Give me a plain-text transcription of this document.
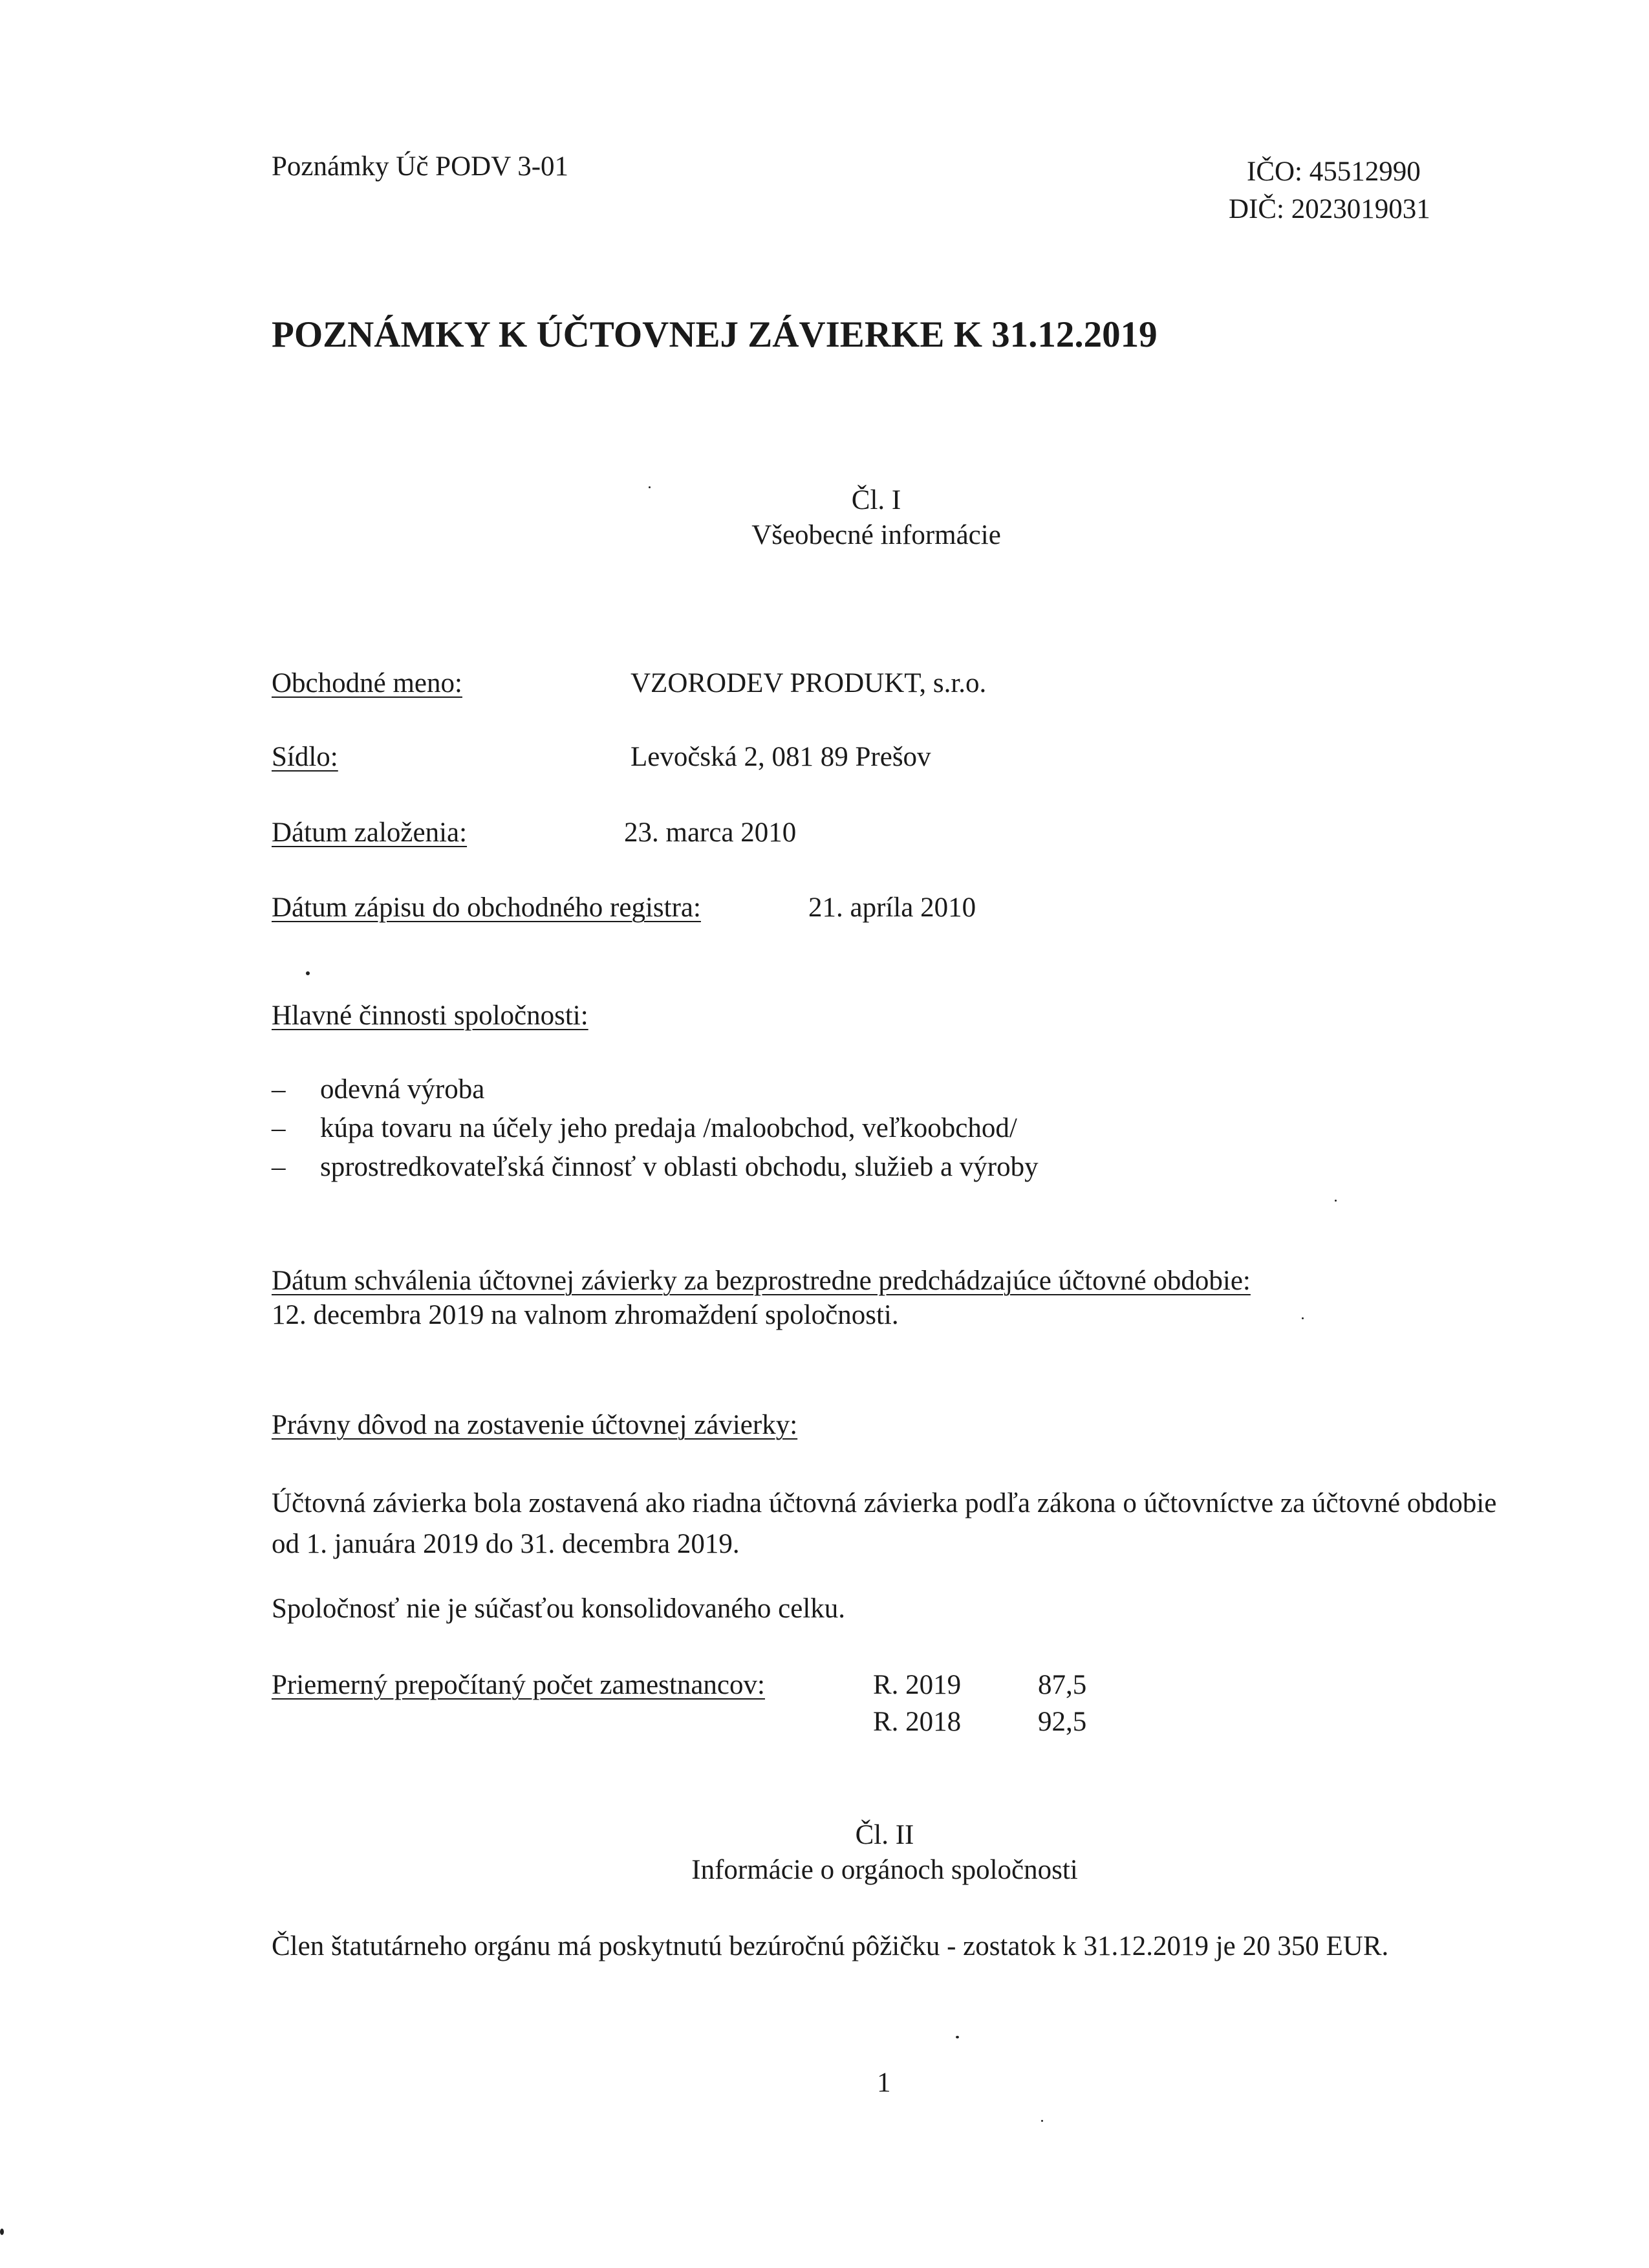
Poznámky Úč PODV 3-01	IČO: 45512990
DIČ: 2023019031
POZNÁMKY K ÚČTOVNEJ ZÁVIERKE K 31.12.2019
Čl. I
Všeobecné informácie
Obchodné meno:	VZORODEV PRODUKT, s.r.o.
Sídlo:	Levočská 2, 081 89 Prešov
Dátum založenia:	23. marca 2010
Dátum zápisu do obchodného registra:	21. apríla 2010
Hlavné činnosti spoločnosti:
– odevná výroba
– kúpa tovaru na účely jeho predaja /maloobchod, veľkoobchod/
– sprostredkovateľská činnosť v oblasti obchodu, služieb a výroby
Dátum schválenia účtovnej závierky za bezprostredne predchádzajúce účtovné obdobie:
12. decembra 2019 na valnom zhromaždení spoločnosti.
Právny dôvod na zostavenie účtovnej závierky:
Účtovná závierka bola zostavená ako riadna účtovná závierka podľa zákona o účtovníctve za účtovné obdobie od 1. januára 2019 do 31. decembra 2019.
Spoločnosť nie je súčasťou konsolidovaného celku.
Priemerný prepočítaný počet zamestnancov:	R. 2019	87,5
R. 2018	92,5
Čl. II
Informácie o orgánoch spoločnosti
Člen štatutárneho orgánu má poskytnutú bezúročnú pôžičku - zostatok k 31.12.2019 je 20 350 EUR.
1
